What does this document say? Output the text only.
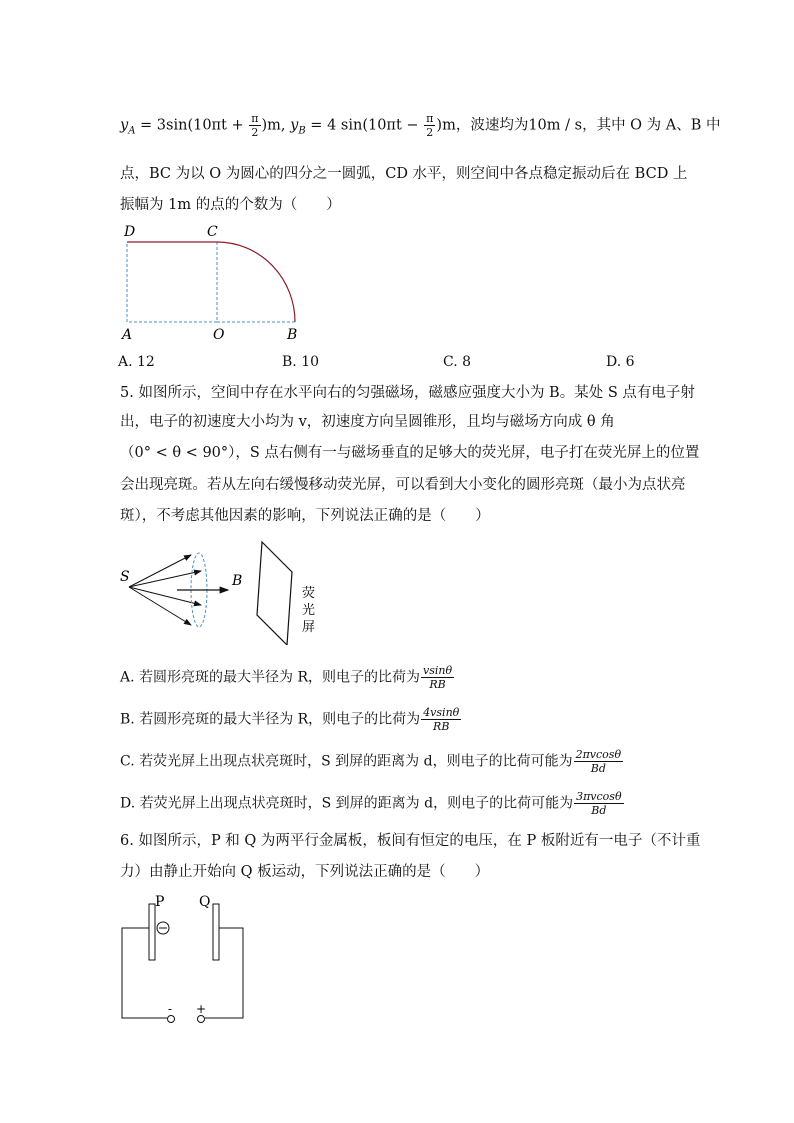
$y_A = 3\sin(10\pi t + \frac{\pi}{2} )m$, $y_B = 4$ $\sin(10\pi t - \frac{\pi}{2} )m$，波速均为10m / s，其中 O 为 A、B 中
点，BC 为以 O 为圆心的四分之一圆弧，CD 水平，则空间中各点稳定振动后在 BCD 上
振幅为 1m 的点的个数为（　　）
D	C
A	O	B
A. 12	B. 10	C. 8	D. 6
5. 如图所示，空间中存在水平向右的匀强磁场，磁感应强度大小为 B。某处 S 点有电子射
出，电子的初速度大小均为 v，初速度方向呈圆锥形，且均与磁场方向成 θ 角
（0° < θ < 90°），S 点右侧有一与磁场垂直的足够大的荧光屏，电子打在荧光屏上的位置
会出现亮斑。若从左向右缓慢移动荧光屏，可以看到大小变化的圆形亮斑（最小为点状亮
斑），不考虑其他因素的影响，下列说法正确的是（　　）
S	B
荧
光
屏
A. 若圆形亮斑的最大半径为 R，则电子的比荷为 $\frac{vsin\theta}{RB}$
B. 若圆形亮斑的最大半径为 R，则电子的比荷为 $\frac{4vsin\theta}{RB}$
C. 若荧光屏上出现点状亮斑时，S 到屏的距离为 d，则电子的比荷可能为 $\frac{2\pi vcos\theta}{Bd}$
D. 若荧光屏上出现点状亮斑时，S 到屏的距离为 d，则电子的比荷可能为 $\frac{3\pi vcos\theta}{Bd}$
6. 如图所示，P 和 Q 为两平行金属板，板间有恒定的电压，在 P 板附近有一电子（不计重
力）由静止开始向 Q 板运动，下列说法正确的是（　　）
P Q
- +
